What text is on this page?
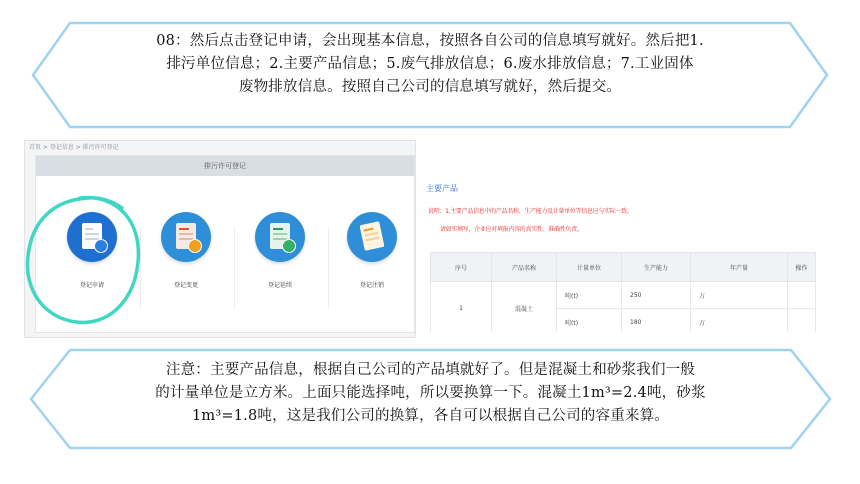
08：然后点击登记申请，会出现基本信息，按照各自公司的信息填写就好。然后把1.
排污单位信息；2.主要产品信息；5.废气排放信息；6.废水排放信息；7.工业固体
废物排放信息。按照自己公司的信息填写就好，然后提交。
首页 > 登记信息 > 排污许可登记
排污许可登记
登记申请	登记变更	登记延续	登记注销
主要产品
说明：1.主要产品信息中的产品名称、生产能力及计量单位等信息应与实际一致。
请如实填写，企业应对填报内容的真实性、准确性负责。
序号	产品名称	计量单位	生产能力	年产量	操作
1	混凝土	吨(t)	250	万	
		吨(t)	180	万	
注意：主要产品信息，根据自己公司的产品填就好了。但是混凝土和砂浆我们一般
的计量单位是立方米。上面只能选择吨，所以要换算一下。混凝土1m³=2.4吨，砂浆
1m³=1.8吨，这是我们公司的换算，各自可以根据自己公司的容重来算。
